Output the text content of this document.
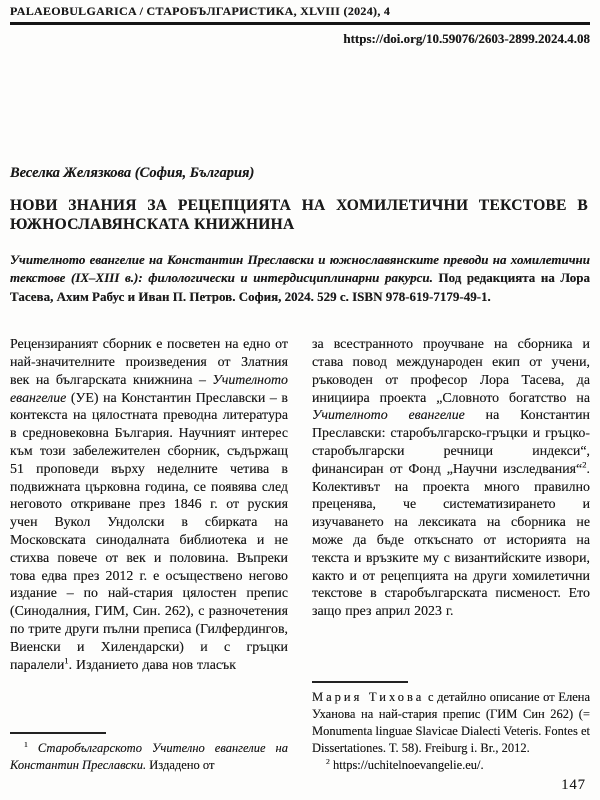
PALAEOBULGARICA / СТАРОБЪЛГАРИСТИКА, XLVIII (2024), 4
https://doi.org/10.59076/2603-2899.2024.4.08
Веселка Желязкова (София, България)
НОВИ ЗНАНИЯ ЗА РЕЦЕПЦИЯТА НА ХОМИЛЕТИЧНИ ТЕКСТОВЕ В ЮЖНОСЛАВЯНСКАТА КНИЖНИНА

Учителното евангелие на Константин Преславски и южнославянските преводи на хомилетични текстове (IX–XIII в.): филологически и интердисциплинарни ракурси. Под редакцията на Лора Тасева, Ахим Рабус и Иван П. Петров. София, 2024. 529 с. ISBN 978-619-7179-49-1.

Рецензираният сборник е посветен на едно от най-значителните произведения от Златния век на българската книжнина – Учителното евангелие (УЕ) на Константин Преславски – в контекста на цялостната преводна литература в средновековна България. Научният интерес към този забележителен сборник, съдържащ 51 проповеди върху неделните четива в подвижната църковна година, се появява след неговото откриване през 1846 г. от руския учен Вукол Ундолски в сбирката на Московската синодалната библиотека и не стихва повече от век и половина. Въпреки това едва през 2012 г. е осъществено негово издание – по най-стария цялостен препис (Синодалния, ГИМ, Син. 262), с разночетения по трите други пълни преписа (Гилфердингов, Виенски и Хилендарски) и с гръцки паралели$^1$. Изданието дава нов тласък

$^1$ Старобългарското Учително евангелие на Константин Преславски. Издадено от

за всестранното проучване на сборника и става повод международен екип от учени, ръководен от професор Лора Тасева, да инициира проекта „Словното богатство на Учителното евангелие на Константин Преславски: старобългарско-гръцки и гръцко-старобългарски речници индекси“, финансиран от Фонд „Научни изследвания“$^2$. Колективът на проекта много правилно преценява, че систематизирането и изучаването на лексиката на сборника не може да бъде откъснато от историята на текста и връзките му с византийските извори, както и от рецепцията на други хомилетични текстове в старобългарската писменост. Ето защо през април 2023 г.

Мария Тихова с детайлно описание от Елена Уханова на най-стария препис (ГИМ Син 262) (= Monumenta linguae Slavicae Dialecti Veteris. Fontes et Dissertationes. T. 58). Freiburg i. Br., 2012.

$^2$ https://uchitelnoevangelie.eu/.

147
